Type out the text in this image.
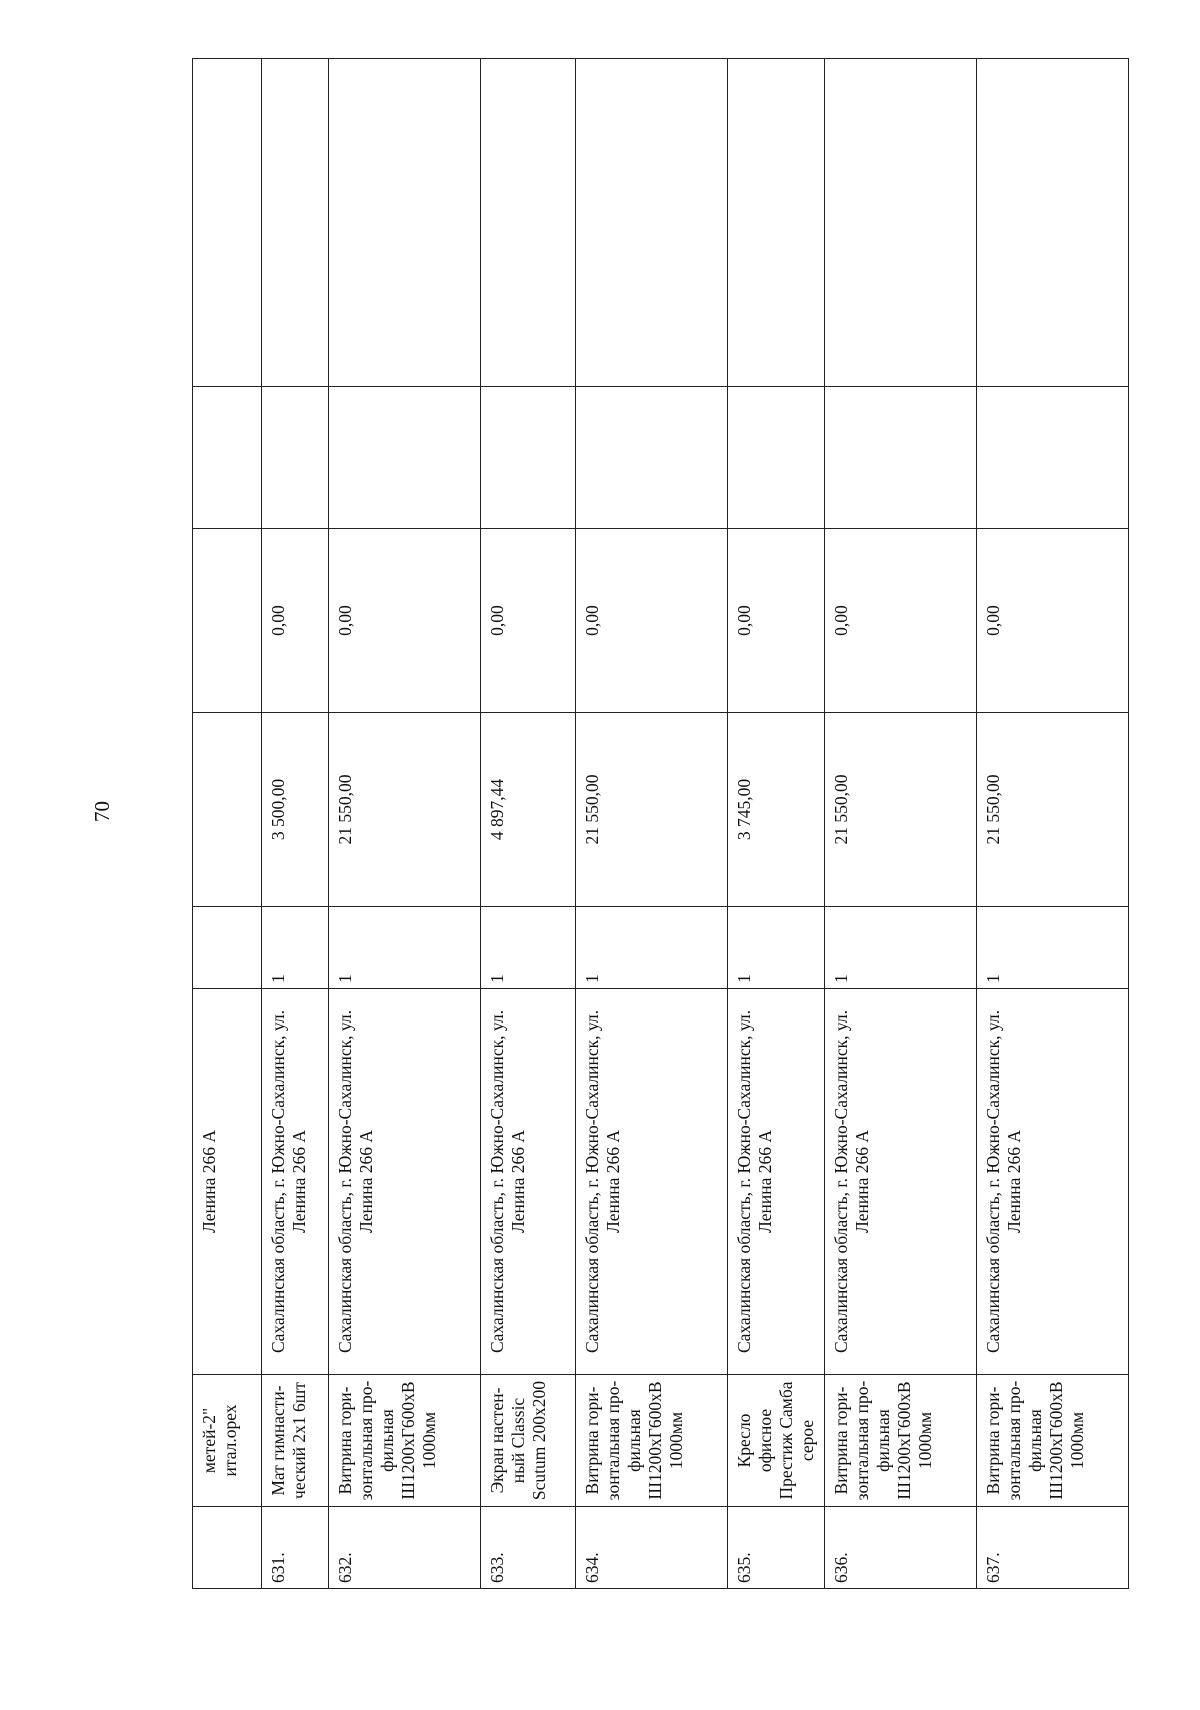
70
	метей-2" итал.орех	Ленина 266 А					
631.	Мат гимнасти-ческий 2х1 6шт	Сахалинская область, г. Южно-Сахалинск, ул. Ленина 266 А	1	3 500,00	0,00		
632.	Витрина гори-зонтальная про-фильная Ш1200хГ600хВ 1000мм	Сахалинская область, г. Южно-Сахалинск, ул. Ленина 266 А	1	21 550,00	0,00		
633.	Экран настен-ный Classic Scutum 200х200	Сахалинская область, г. Южно-Сахалинск, ул. Ленина 266 А	1	4 897,44	0,00		
634.	Витрина гори-зонтальная про-фильная Ш1200хГ600хВ 1000мм	Сахалинская область, г. Южно-Сахалинск, ул. Ленина 266 А	1	21 550,00	0,00		
635.	Кресло офисное Престиж Самба серое	Сахалинская область, г. Южно-Сахалинск, ул. Ленина 266 А	1	3 745,00	0,00		
636.	Витрина гори-зонтальная про-фильная Ш1200хГ600хВ 1000мм	Сахалинская область, г. Южно-Сахалинск, ул. Ленина 266 А	1	21 550,00	0,00		
637.	Витрина гори-зонтальная про-фильная Ш1200хГ600хВ 1000мм	Сахалинская область, г. Южно-Сахалинск, ул. Ленина 266 А	1	21 550,00	0,00		
